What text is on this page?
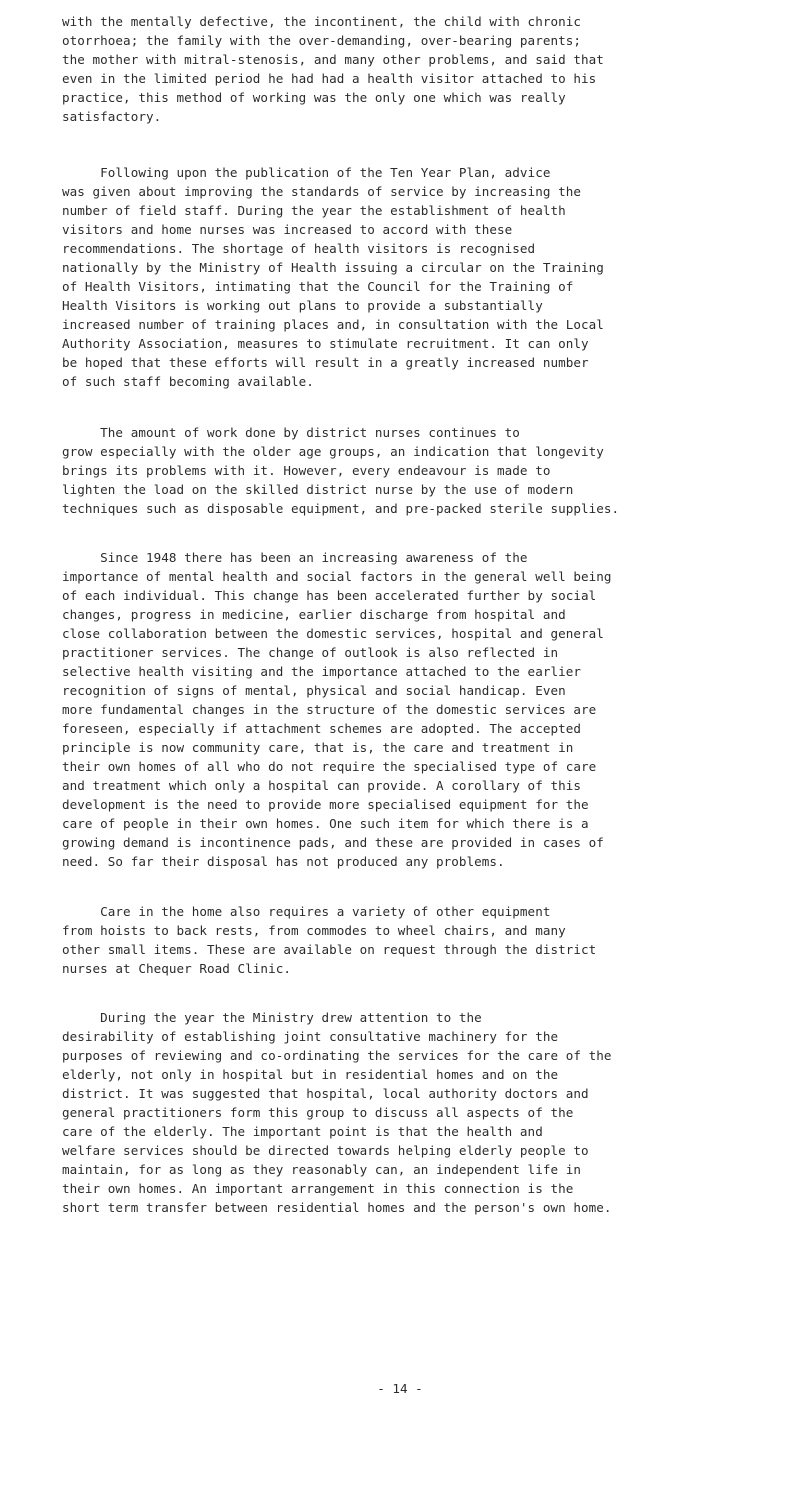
with the mentally defective, the incontinent, the child with chronic
otorrhoea; the family with the over-demanding, over-bearing parents;
the mother with mitral-stenosis, and many other problems, and said that
even in the limited period he had had a health visitor attached to his
practice, this method of working was the only one which was really
satisfactory.
Following upon the publication of the Ten Year Plan, advice
was given about improving the standards of service by increasing the
number of field staff. During the year the establishment of health
visitors and home nurses was increased to accord with these
recommendations. The shortage of health visitors is recognised
nationally by the Ministry of Health issuing a circular on the Training
of Health Visitors, intimating that the Council for the Training of
Health Visitors is working out plans to provide a substantially
increased number of training places and, in consultation with the Local
Authority Association, measures to stimulate recruitment. It can only
be hoped that these efforts will result in a greatly increased number
of such staff becoming available.
The amount of work done by district nurses continues to
grow especially with the older age groups, an indication that longevity
brings its problems with it. However, every endeavour is made to
lighten the load on the skilled district nurse by the use of modern
techniques such as disposable equipment, and pre-packed sterile supplies.
Since 1948 there has been an increasing awareness of the
importance of mental health and social factors in the general well being
of each individual. This change has been accelerated further by social
changes, progress in medicine, earlier discharge from hospital and
close collaboration between the domestic services, hospital and general
practitioner services. The change of outlook is also reflected in
selective health visiting and the importance attached to the earlier
recognition of signs of mental, physical and social handicap. Even
more fundamental changes in the structure of the domestic services are
foreseen, especially if attachment schemes are adopted. The accepted
principle is now community care, that is, the care and treatment in
their own homes of all who do not require the specialised type of care
and treatment which only a hospital can provide. A corollary of this
development is the need to provide more specialised equipment for the
care of people in their own homes. One such item for which there is a
growing demand is incontinence pads, and these are provided in cases of
need. So far their disposal has not produced any problems.
Care in the home also requires a variety of other equipment
from hoists to back rests, from commodes to wheel chairs, and many
other small items. These are available on request through the district
nurses at Chequer Road Clinic.
During the year the Ministry drew attention to the
desirability of establishing joint consultative machinery for the
purposes of reviewing and co-ordinating the services for the care of the
elderly, not only in hospital but in residential homes and on the
district. It was suggested that hospital, local authority doctors and
general practitioners form this group to discuss all aspects of the
care of the elderly. The important point is that the health and
welfare services should be directed towards helping elderly people to
maintain, for as long as they reasonably can, an independent life in
their own homes. An important arrangement in this connection is the
short term transfer between residential homes and the person's own home.
- 14 -
